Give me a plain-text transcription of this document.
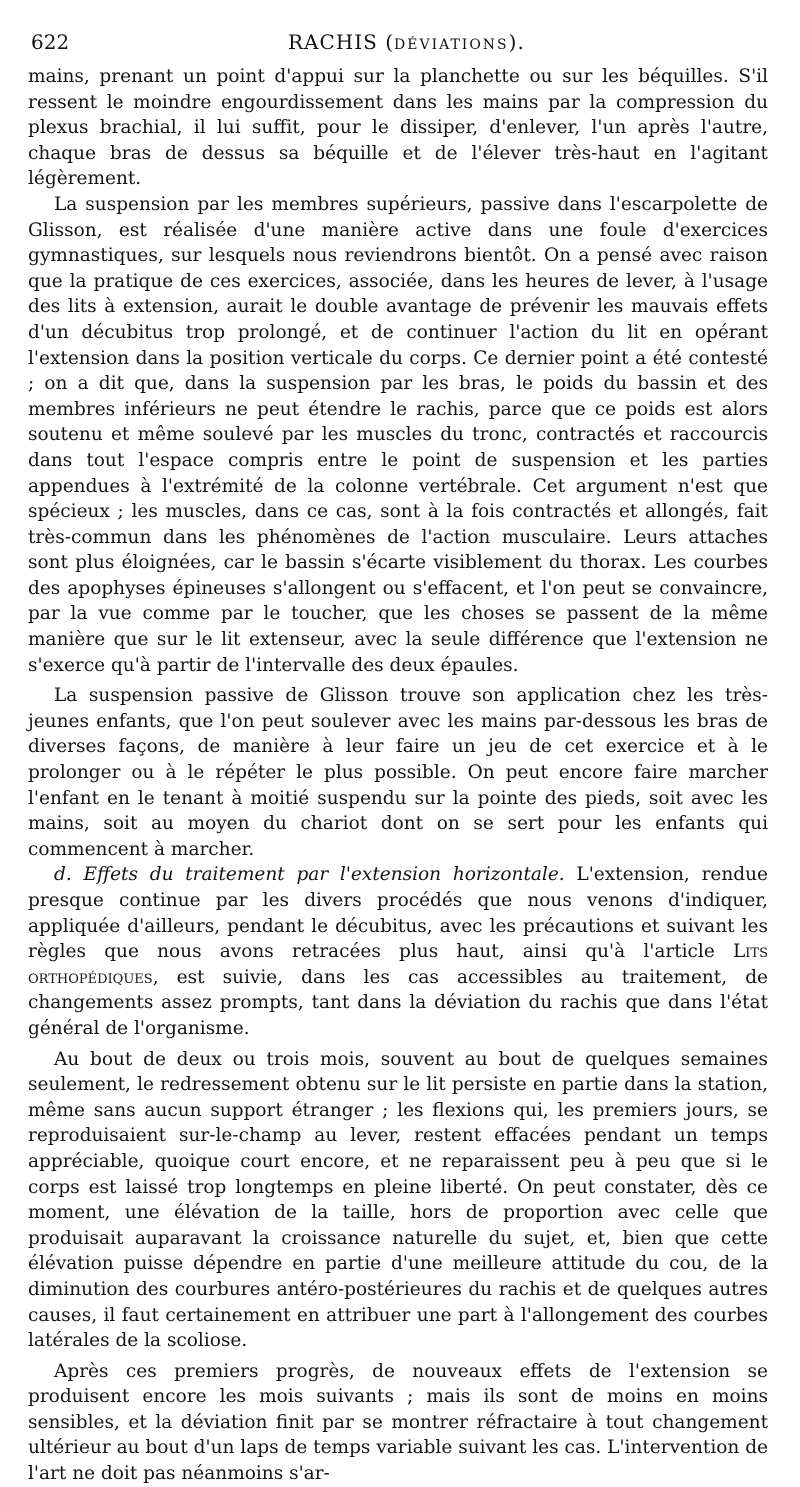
622	RACHIS (DÉVIATIONS).

mains, prenant un point d'appui sur la planchette ou sur les béquilles. S'il ressent le moindre engourdissement dans les mains par la compression du plexus brachial, il lui suffit, pour le dissiper, d'enlever, l'un après l'autre, chaque bras de dessus sa béquille et de l'élever très-haut en l'agitant légèrement.

La suspension par les membres supérieurs, passive dans l'escarpolette de Glisson, est réalisée d'une manière active dans une foule d'exercices gymnastiques, sur lesquels nous reviendrons bientôt. On a pensé avec raison que la pratique de ces exercices, associée, dans les heures de lever, à l'usage des lits à extension, aurait le double avantage de prévenir les mauvais effets d'un décubitus trop prolongé, et de continuer l'action du lit en opérant l'extension dans la position verticale du corps. Ce dernier point a été contesté ; on a dit que, dans la suspension par les bras, le poids du bassin et des membres inférieurs ne peut étendre le rachis, parce que ce poids est alors soutenu et même soulevé par les muscles du tronc, contractés et raccourcis dans tout l'espace compris entre le point de suspension et les parties appendues à l'extrémité de la colonne vertébrale. Cet argument n'est que spécieux ; les muscles, dans ce cas, sont à la fois contractés et allongés, fait très-commun dans les phénomènes de l'action musculaire. Leurs attaches sont plus éloignées, car le bassin s'écarte visiblement du thorax. Les courbes des apophyses épineuses s'allongent ou s'effacent, et l'on peut se convaincre, par la vue comme par le toucher, que les choses se passent de la même manière que sur le lit extenseur, avec la seule différence que l'extension ne s'exerce qu'à partir de l'intervalle des deux épaules.

La suspension passive de Glisson trouve son application chez les très-jeunes enfants, que l'on peut soulever avec les mains par-dessous les bras de diverses façons, de manière à leur faire un jeu de cet exercice et à le prolonger ou à le répéter le plus possible. On peut encore faire marcher l'enfant en le tenant à moitié suspendu sur la pointe des pieds, soit avec les mains, soit au moyen du chariot dont on se sert pour les enfants qui commencent à marcher.

d. Effets du traitement par l'extension horizontale. L'extension, rendue presque continue par les divers procédés que nous venons d'indiquer, appliquée d'ailleurs, pendant le décubitus, avec les précautions et suivant les règles que nous avons retracées plus haut, ainsi qu'à l'article Lits orthopédiques, est suivie, dans les cas accessibles au traitement, de changements assez prompts, tant dans la déviation du rachis que dans l'état général de l'organisme.

Au bout de deux ou trois mois, souvent au bout de quelques semaines seulement, le redressement obtenu sur le lit persiste en partie dans la station, même sans aucun support étranger ; les flexions qui, les premiers jours, se reproduisaient sur-le-champ au lever, restent effacées pendant un temps appréciable, quoique court encore, et ne reparaissent peu à peu que si le corps est laissé trop longtemps en pleine liberté. On peut constater, dès ce moment, une élévation de la taille, hors de proportion avec celle que produisait auparavant la croissance naturelle du sujet, et, bien que cette élévation puisse dépendre en partie d'une meilleure attitude du cou, de la diminution des courbures antéro-postérieures du rachis et de quelques autres causes, il faut certainement en attribuer une part à l'allongement des courbes latérales de la scoliose.

Après ces premiers progrès, de nouveaux effets de l'extension se produisent encore les mois suivants ; mais ils sont de moins en moins sensibles, et la déviation finit par se montrer réfractaire à tout changement ultérieur au bout d'un laps de temps variable suivant les cas. L'intervention de l'art ne doit pas néanmoins s'ar-
